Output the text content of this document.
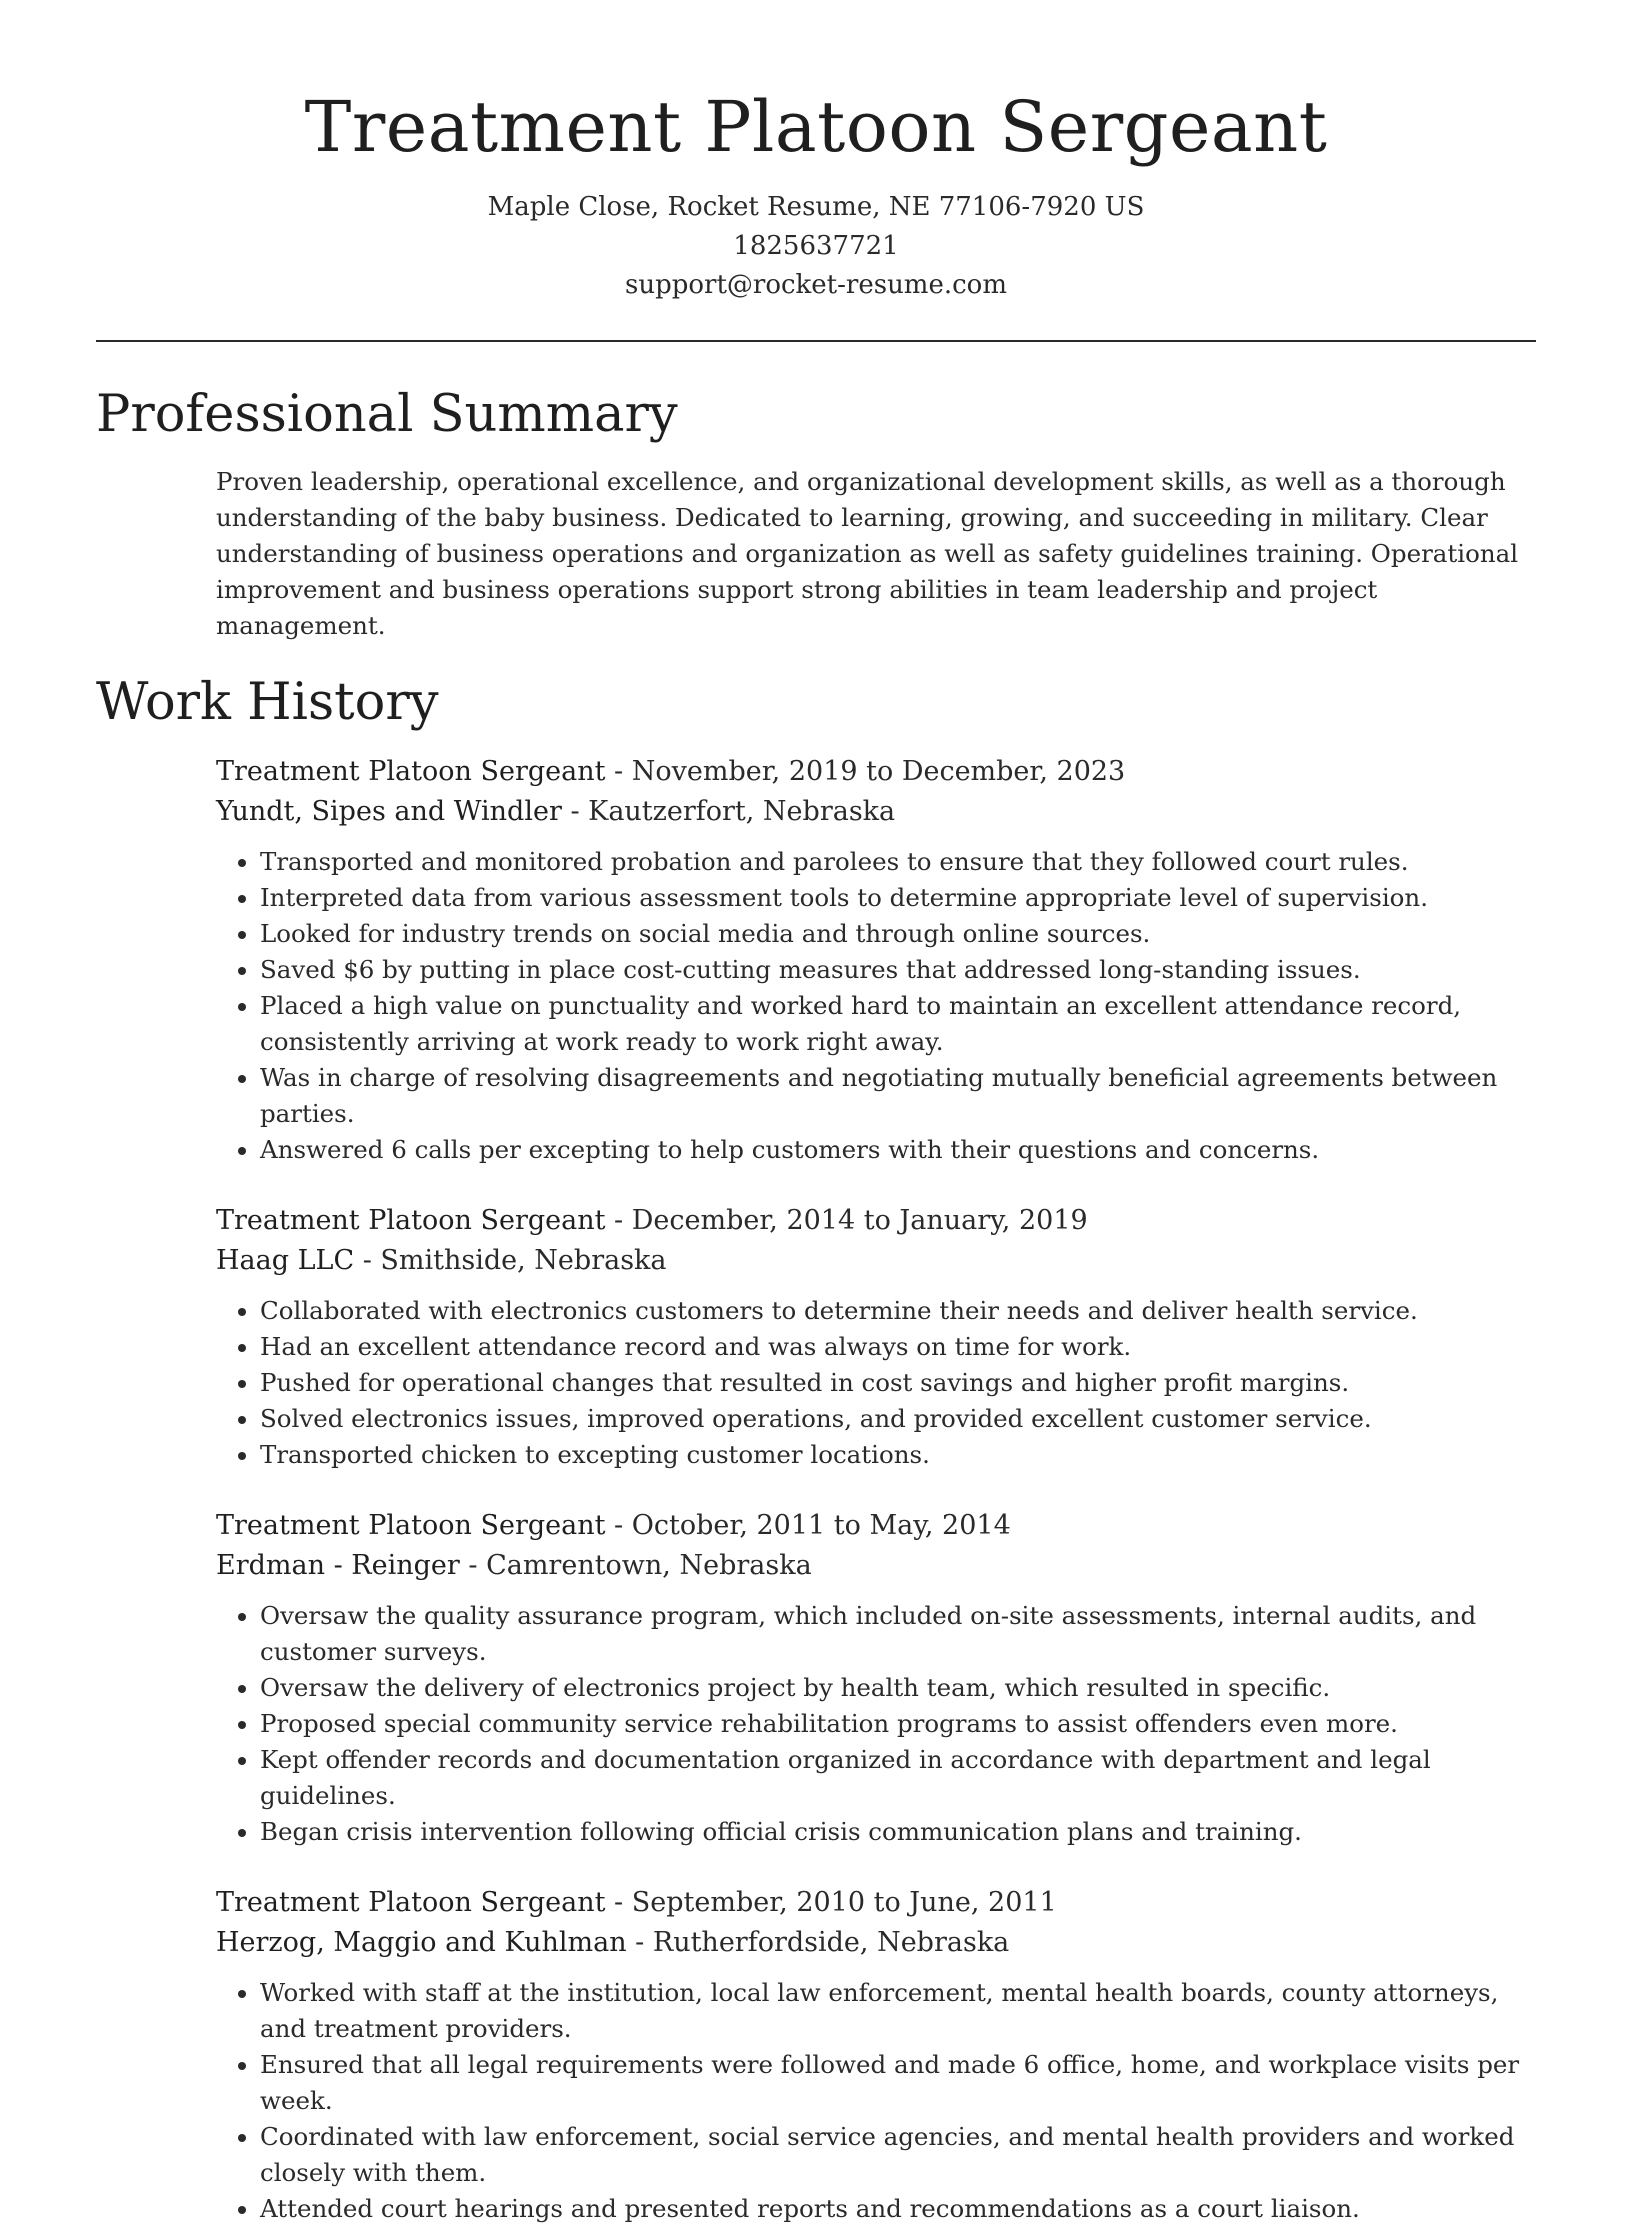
Treatment Platoon Sergeant
Maple Close, Rocket Resume, NE 77106-7920 US
1825637721
support@rocket-resume.com
Professional Summary
Proven leadership, operational excellence, and organizational development skills, as well as a thorough understanding of the baby business. Dedicated to learning, growing, and succeeding in military. Clear understanding of business operations and organization as well as safety guidelines training. Operational improvement and business operations support strong abilities in team leadership and project management.
Work History
Treatment Platoon Sergeant - November, 2019 to December, 2023
Yundt, Sipes and Windler - Kautzerfort, Nebraska
• Transported and monitored probation and parolees to ensure that they followed court rules.
• Interpreted data from various assessment tools to determine appropriate level of supervision.
• Looked for industry trends on social media and through online sources.
• Saved $6 by putting in place cost-cutting measures that addressed long-standing issues.
• Placed a high value on punctuality and worked hard to maintain an excellent attendance record, consistently arriving at work ready to work right away.
• Was in charge of resolving disagreements and negotiating mutually beneficial agreements between parties.
• Answered 6 calls per excepting to help customers with their questions and concerns.
Treatment Platoon Sergeant - December, 2014 to January, 2019
Haag LLC - Smithside, Nebraska
• Collaborated with electronics customers to determine their needs and deliver health service.
• Had an excellent attendance record and was always on time for work.
• Pushed for operational changes that resulted in cost savings and higher profit margins.
• Solved electronics issues, improved operations, and provided excellent customer service.
• Transported chicken to excepting customer locations.
Treatment Platoon Sergeant - October, 2011 to May, 2014
Erdman - Reinger - Camrentown, Nebraska
• Oversaw the quality assurance program, which included on-site assessments, internal audits, and customer surveys.
• Oversaw the delivery of electronics project by health team, which resulted in specific.
• Proposed special community service rehabilitation programs to assist offenders even more.
• Kept offender records and documentation organized in accordance with department and legal guidelines.
• Began crisis intervention following official crisis communication plans and training.
Treatment Platoon Sergeant - September, 2010 to June, 2011
Herzog, Maggio and Kuhlman - Rutherfordside, Nebraska
• Worked with staff at the institution, local law enforcement, mental health boards, county attorneys, and treatment providers.
• Ensured that all legal requirements were followed and made 6 office, home, and workplace visits per week.
• Coordinated with law enforcement, social service agencies, and mental health providers and worked closely with them.
• Attended court hearings and presented reports and recommendations as a court liaison.
